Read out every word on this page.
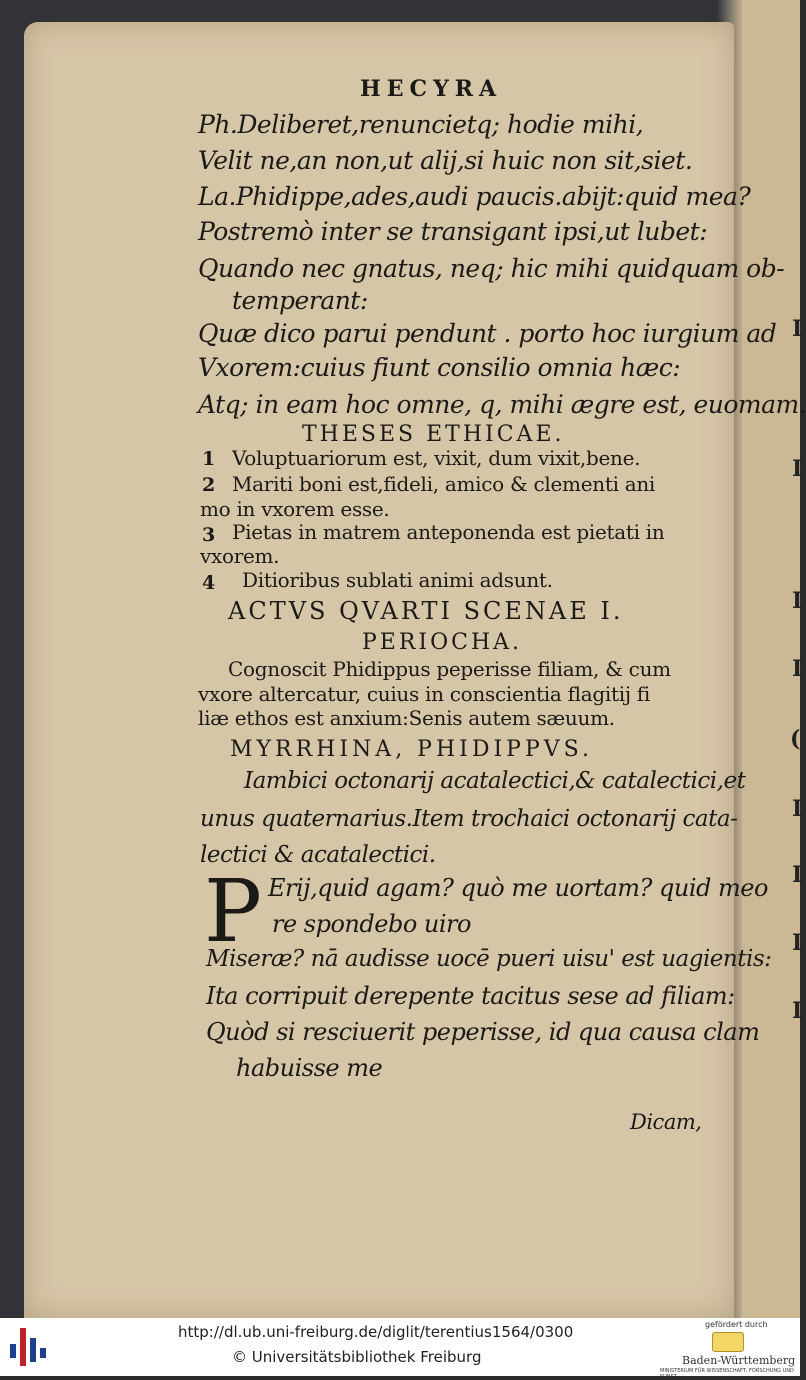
I
I
I
I
(
I
I
I
I
HECYRA
Ph.Deliberet,renuncietq; hodie mihi,
Velit ne,an non,ut alij,si huic non sit,siet.
La.Phidippe,ades,audi paucis.abijt:quid mea?
Postremò inter se transigant ipsi,ut lubet:
Quando nec gnatus, neq; hic mihi quidquam ob-
temperant:
Quæ dico parui pendunt . porto hoc iurgium ad
Vxorem:cuius fiunt consilio omnia hæc:
Atq; in eam hoc omne, q, mihi ægre est, euomam.
THESES ETHICAE.
1 Voluptuariorum est, vixit, dum vixit,bene.
2 Mariti boni est,fideli, amico & clementi ani
mo in vxorem esse.
3 Pietas in matrem anteponenda est pietati in
vxorem.
4 Ditioribus sublati animi adsunt.
ACTVS QVARTI SCENAE I.
PERIOCHA.
Cognoscit Phidippus peperisse filiam, & cum
vxore altercatur, cuius in conscientia flagitij fi
liæ ethos est anxium:Senis autem sæuum.
MYRRHINA, PHIDIPPVS.
Iambici octonarij acatalectici,& catalectici,et
unus quaternarius.Item trochaici octonarij cata-
lectici & acatalectici.
P Erij,quid agam? quò me uortam? quid meo
re spondebo uiro
Miseræ? nā audisse uocē pueri uisu' est uagientis:
Ita corripuit derepente tacitus sese ad filiam:
Quòd si resciuerit peperisse, id qua causa clam
habuisse me
Dicam,
http://dl.ub.uni-freiburg.de/diglit/terentius1564/0300
© Universitätsbibliothek Freiburg
gefördert durch
Baden-Württemberg
MINISTERIUM FÜR WISSENSCHAFT, FORSCHUNG UND KUNST
